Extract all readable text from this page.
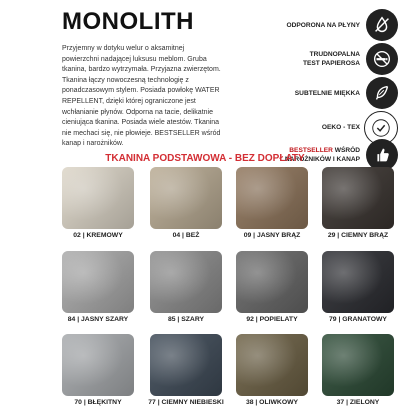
MONOLITH

Przyjemny w dotyku welur o aksamitnej

powierzchni nadającej luksusu meblom. Gruba

tkanina, bardzo wytrzymała. Przyjazna zwierzętom.

Tkanina łączy nowoczesną technologię z

ponadczasowym stylem. Posiada powłokę WATER

REPELLENT, dzięki której ograniczone jest

wchłanianie płynów. Odporna na tacie, delikatnie

cieniująca tkanina. Posiada wiele atestów. Tkanina

nie mechaci się, nie płowieje. BESTSELLER wśród

kanap i narożników.

ODPORONA NA PŁYNY
TRUDNOPALNA
TEST PAPIEROSA
SUBTELNIE MIĘKKA
OEKO - TEX
BESTSELLER WŚRÓD
NAROŻNIKÓW I KANAP
TKANINA PODSTAWOWA - BEZ DOPŁATY
02 | KREMOWY	04 | BEŻ	09 | JASNY BRĄZ	29 | CIEMNY BRĄZ
84 | JASNY SZARY	85 | SZARY	92 | POPIELATY	79 | GRANATOWY
70 | BŁĘKITNY	77 | CIEMNY NIEBIESKI	38 | OLIWKOWY	37 | ZIELONY
